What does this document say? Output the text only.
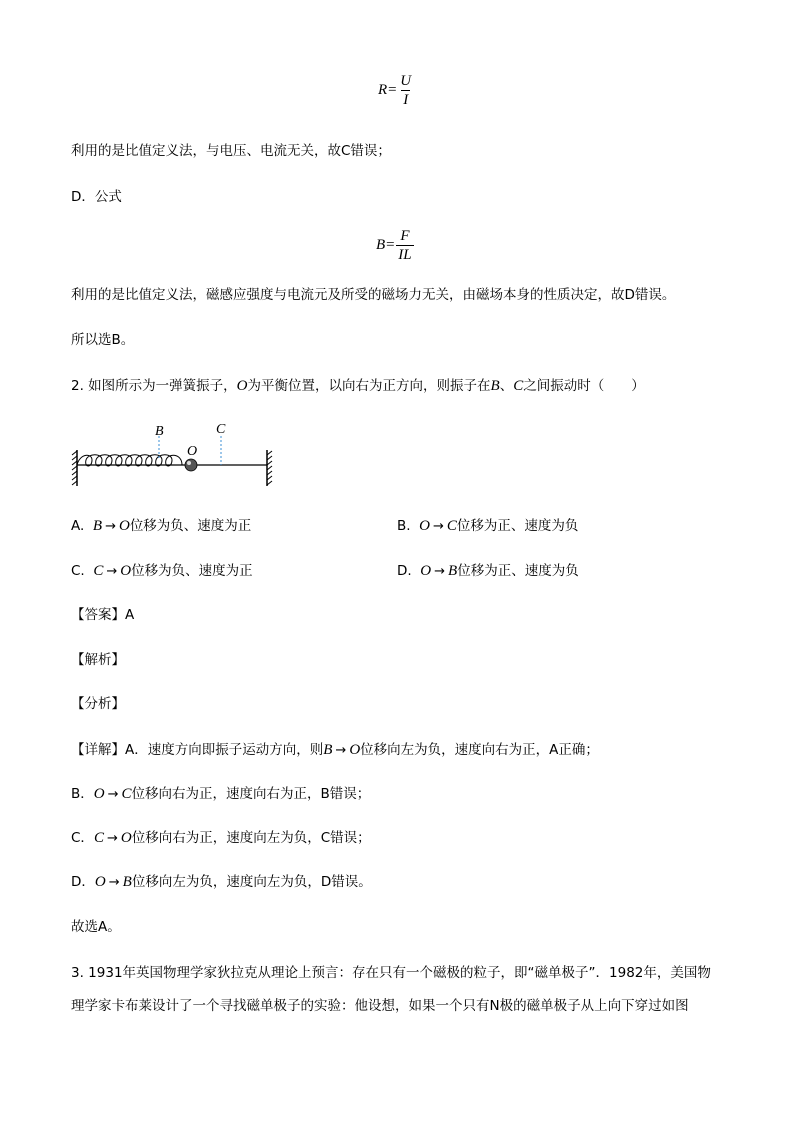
$R= \frac{U}{I}$
利用的是比值定义法，与电压、电流无关，故C错误；
D．公式
$B= \frac{F}{IL}$
利用的是比值定义法，磁感应强度与电流元及所受的磁场力无关，由磁场本身的性质决定，故D错误。
所以选B。
2. 如图所示为一弹簧振子，O为平衡位置，以向右为正方向，则振子在B、C之间振动时（　　）
B
O
C
A. B → O位移为负、速度为正	B. O → C位移为正、速度为负
C. C → O位移为负、速度为正	D. O → B位移为正、速度为负
【答案】A
【解析】
【分析】
【详解】A．速度方向即振子运动方向，则B → O位移向左为负，速度向右为正，A正确；
B．O → C位移向右为正，速度向右为正，B错误；
C．C → O位移向右为正，速度向左为负，C错误；
D．O → B位移向左为负，速度向左为负，D错误。
故选A。
3. 1931年英国物理学家狄拉克从理论上预言：存在只有一个磁极的粒子，即“磁单极子”．1982年，美国物
理学家卡布莱设计了一个寻找磁单极子的实验：他设想，如果一个只有N极的磁单极子从上向下穿过如图
